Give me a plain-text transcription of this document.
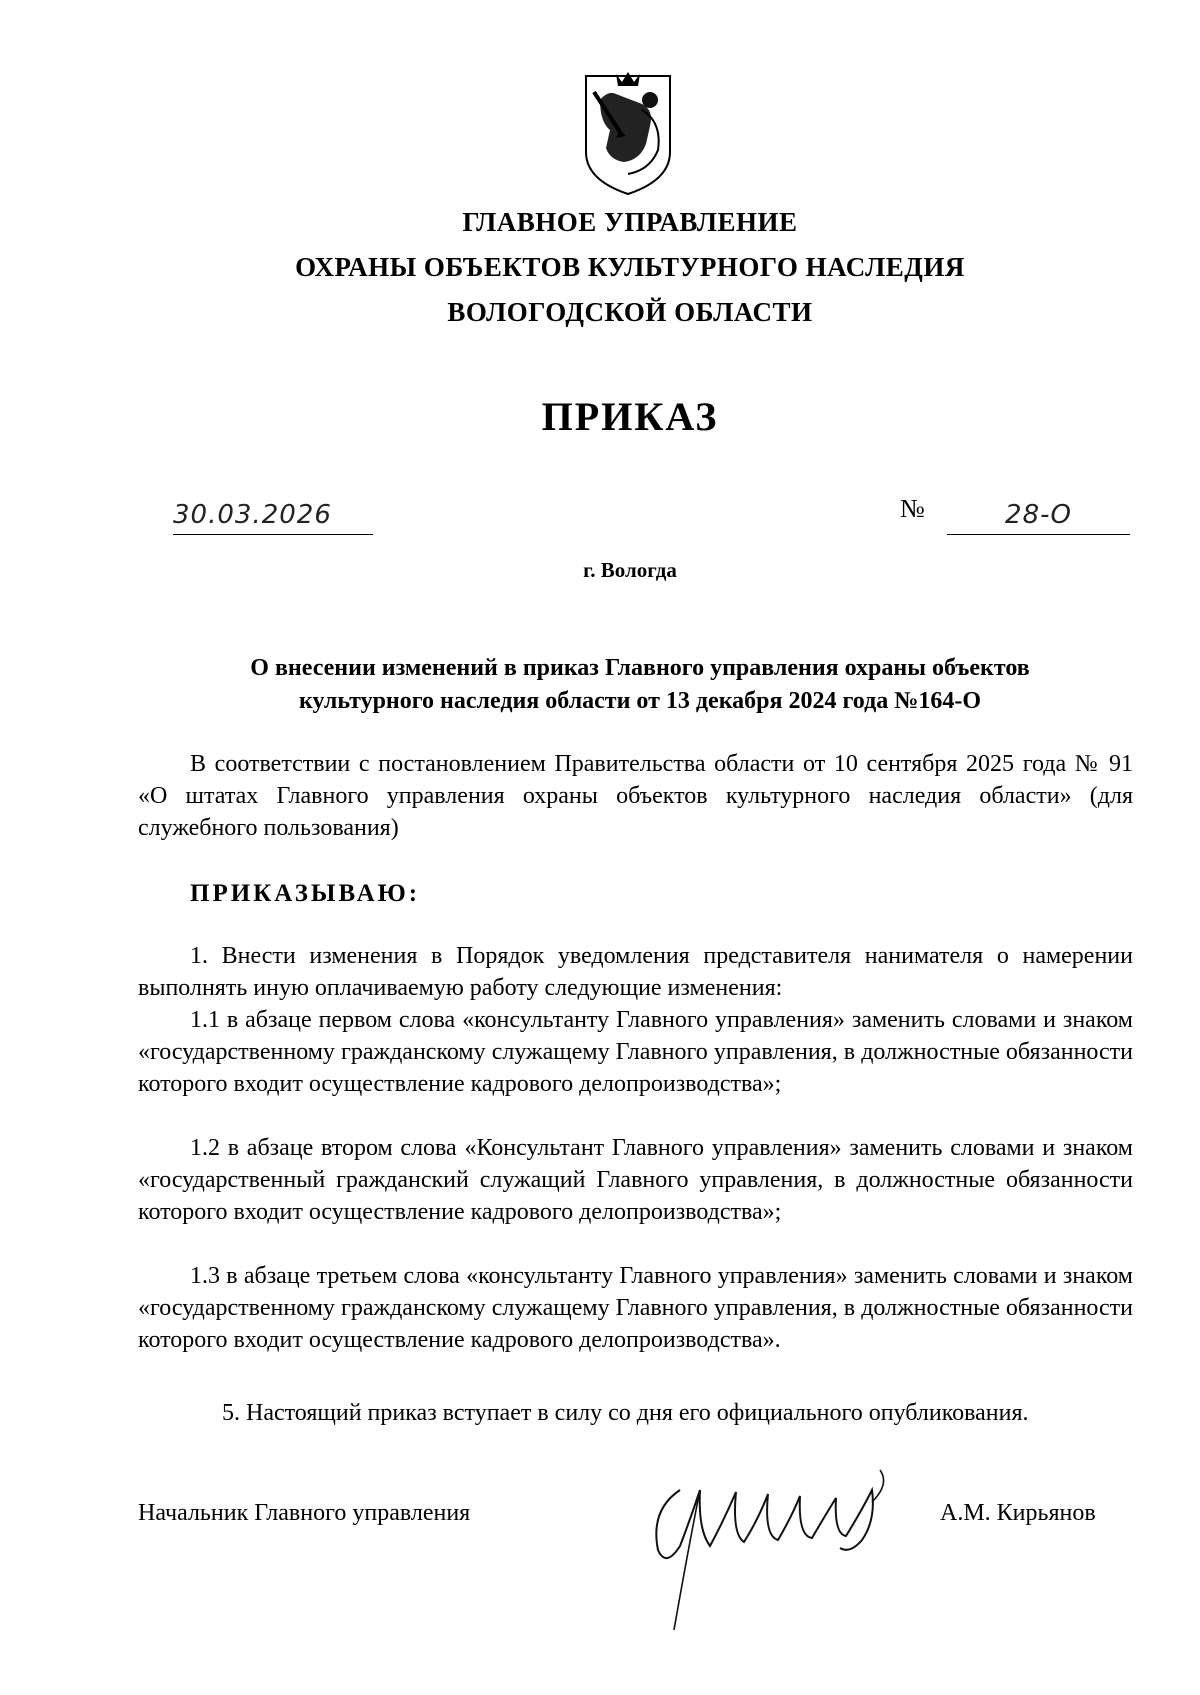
ГЛАВНОЕ УПРАВЛЕНИЕ
ОХРАНЫ ОБЪЕКТОВ КУЛЬТУРНОГО НАСЛЕДИЯ
ВОЛОГОДСКОЙ ОБЛАСТИ
ПРИКАЗ
30.03.2026	№	28-О
г. Вологда
О внесении изменений в приказ Главного управления охраны объектов
культурного наследия области от 13 декабря 2024 года №164-О
В соответствии с постановлением Правительства области от 10 сентября 2025 года № 91 «О штатах Главного управления охраны объектов культурного наследия области» (для служебного пользования)
ПРИКАЗЫВАЮ:
1. Внести изменения в Порядок уведомления представителя нанимателя о намерении выполнять иную оплачиваемую работу следующие изменения:
1.1 в абзаце первом слова «консультанту Главного управления» заменить словами и знаком «государственному гражданскому служащему Главного управления, в должностные обязанности которого входит осуществление кадрового делопроизводства»;
1.2 в абзаце втором слова «Консультант Главного управления» заменить словами и знаком «государственный гражданский служащий Главного управления, в должностные обязанности которого входит осуществление кадрового делопроизводства»;
1.3 в абзаце третьем слова «консультанту Главного управления» заменить словами и знаком «государственному гражданскому служащему Главного управления, в должностные обязанности которого входит осуществление кадрового делопроизводства».
5. Настоящий приказ вступает в силу со дня его официального опубликования.
Начальник Главного управления	А.М. Кирьянов
